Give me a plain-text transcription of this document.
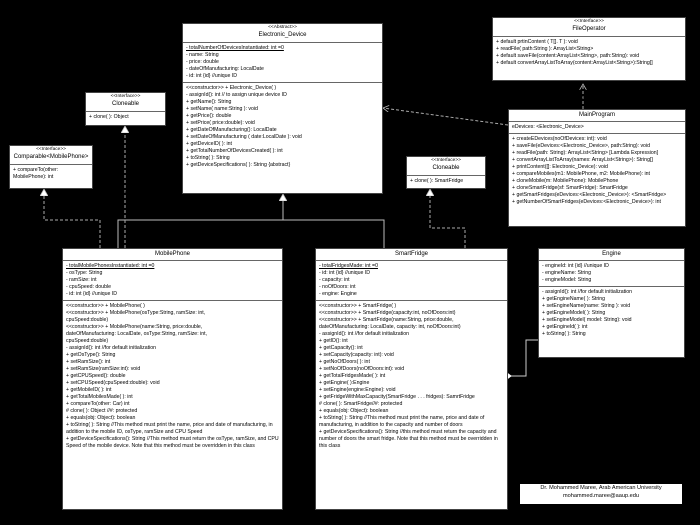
<<uses>>
<<implements>>
<<implements>>
<<implements>>
<<Abstract>>
Electronic_Device
- totalNumberOfDevicesInstantiated: int =0
- name: String
- price: double
- dateOfManufacturing: LocalDate
- id: int {id} //unique ID
<<constructor>> + Electronic_Device( )
- assignId(): int // to assign unique device ID
+ getName(): String
+ setName( name:String ): void
+ getPrice(): double
+ setPrice( price:double): void
+ getDateOfManufacturing(): LocalDate
+ setDateOfManufacturing ( date:LocalDate ): void
+ getDeviceID( ): int
+ getTotalNumberOfDevicesCreated( ): int
+ toString( ): String
+ getDeviceSpecifications( ): String {abstract}
<<Interface>>
FileOperator
+ default prtinContent ( T[]. T ): void
+ readFile( path:String ): ArrayList<String>
+ default saveFile(content:ArrayList<String>, path:String): void
+ default convertArrayListToArray(content:ArrayList<String>):String[]
<<Interface>>
Cloneable
+ clone( ): Object
<<Interface>>
Comparable<MobilePhone>
+ compareTo(other:
MobilePhone): int
<<Interface>>
Cloneable
+ clone( ): SmartFridge
MainProgram
eDevices: <Electronic_Device>
+ createEDevices(noOfDevices: int): void
+ saveFile(eDevices:<Electronic_Device>, path:String): void
+ readFile(path: String): ArrayList<String> [Lambda Expression]
+ convertArrayListToArray(names: ArrayList<String>): String[]
+ printContent([]: Electronic_Device): void
+ compareMobiles(m1: MobilePhone, m2: MobilePhone): int
+ cloneMobile(m: MobilePhone): MobilePhone
+ cloneSmartFridge(sf: SmartFridge): SmartFridge
+ getSmartFridges(eDevices:<Electronic_Device>): <SmartFridge>
+ getNumberOfSmartFridges(eDevices:<Electronic_Device>): int
MobilePhone
- totalMobilePhonesInstantiated: int =0
- osType: String
- ramSize: int
- cpuSpeed: double
- id: int {id} //unique ID
<<constructor>> + MobilePhone( )
<<constructor>> + MobilePhone(osType:String, ramSize: int,
cpuSpeed:double)
<<constructor>> + MobilePhone(name:String, price:double,
dateOfManufacturing: LocalDate, osType:String, ramSize: int,
cpuSpeed:double)
- assignId(): int //for default initialization
+ getOsType(): String
+ setRamSize(): int
+ setRamSize(ramSize:int): void
+ getCPUSpeed(): double
+ setCPUSpeed(cpuSpeed:double): void
+ getMobileID( ): int
+ getTotalMobilesMade( ): int
+ compareTo(other: Car) int
# clone( ): Object //#: protected
+ equals(obj: Object): boolean
+ toString( ): String //This method must print the name, price and date of manufacturing, in addition to the mobile ID, osType, ramSize and CPU Speed
+ getDeviceSpecifications(): String //This method must return the osType, ramSize, and CPU Speed of the mobile device. Note that this method must be overridden in this class
SmartFridge
- totalFridgesMade: int =0
- id: int {id} //unique ID
- capacity: int
- noOfDoors: int
- engine: Engine
<<constructor>> + SmartFridge( )
<<constructor>> + SmartFridge(capacity:int, noOfDoors:int)
<<constructor>> + SmartFridge(name:String, price:double,
dateOfManufacturing: LocalDate, capacity: int, noOfDoors:int)
- assignId(): int //for default initialization
+ getID(): int
+ getCapacity(): int
+ setCapacity(capacity: int): void
+ getNoOfDoors( ): int
+ setNoOfDoors(noOfDoors:int): void
+ getTotalFridgesMade( ): int
+ getEngine( ):Engine
+ setEngine(engine:Engine): void
+ getFridgeWithMaxCapacity(SmartFridge . . . fridges): SamrtFridge
# clone( ): SmartFridge//#: protected
+ equals(obj: Object): boolean
+ toString( ): String //This method must print the name, price and date of manufacturing, in addition to the capacity and number of doors
+ getDeviceSpecifications(): String //this method must return the capacity and number of doors the smart fridge. Note that this method must be overridden in this class
Engine
- engineId: int {id} //unique ID
- engineName: String
- engineModel: String
- assignId(): int //for default initialization
+ getEngineName( ): String
+ setEngineName(name: String ): void
+ getEngineModel( ): String
+ setEngineModel( model: String): void
+ getEngineId( ): int
+ toString( ): String
Dr. Mohammed Maree, Arab American University
mohammed.maree@aaup.edu
